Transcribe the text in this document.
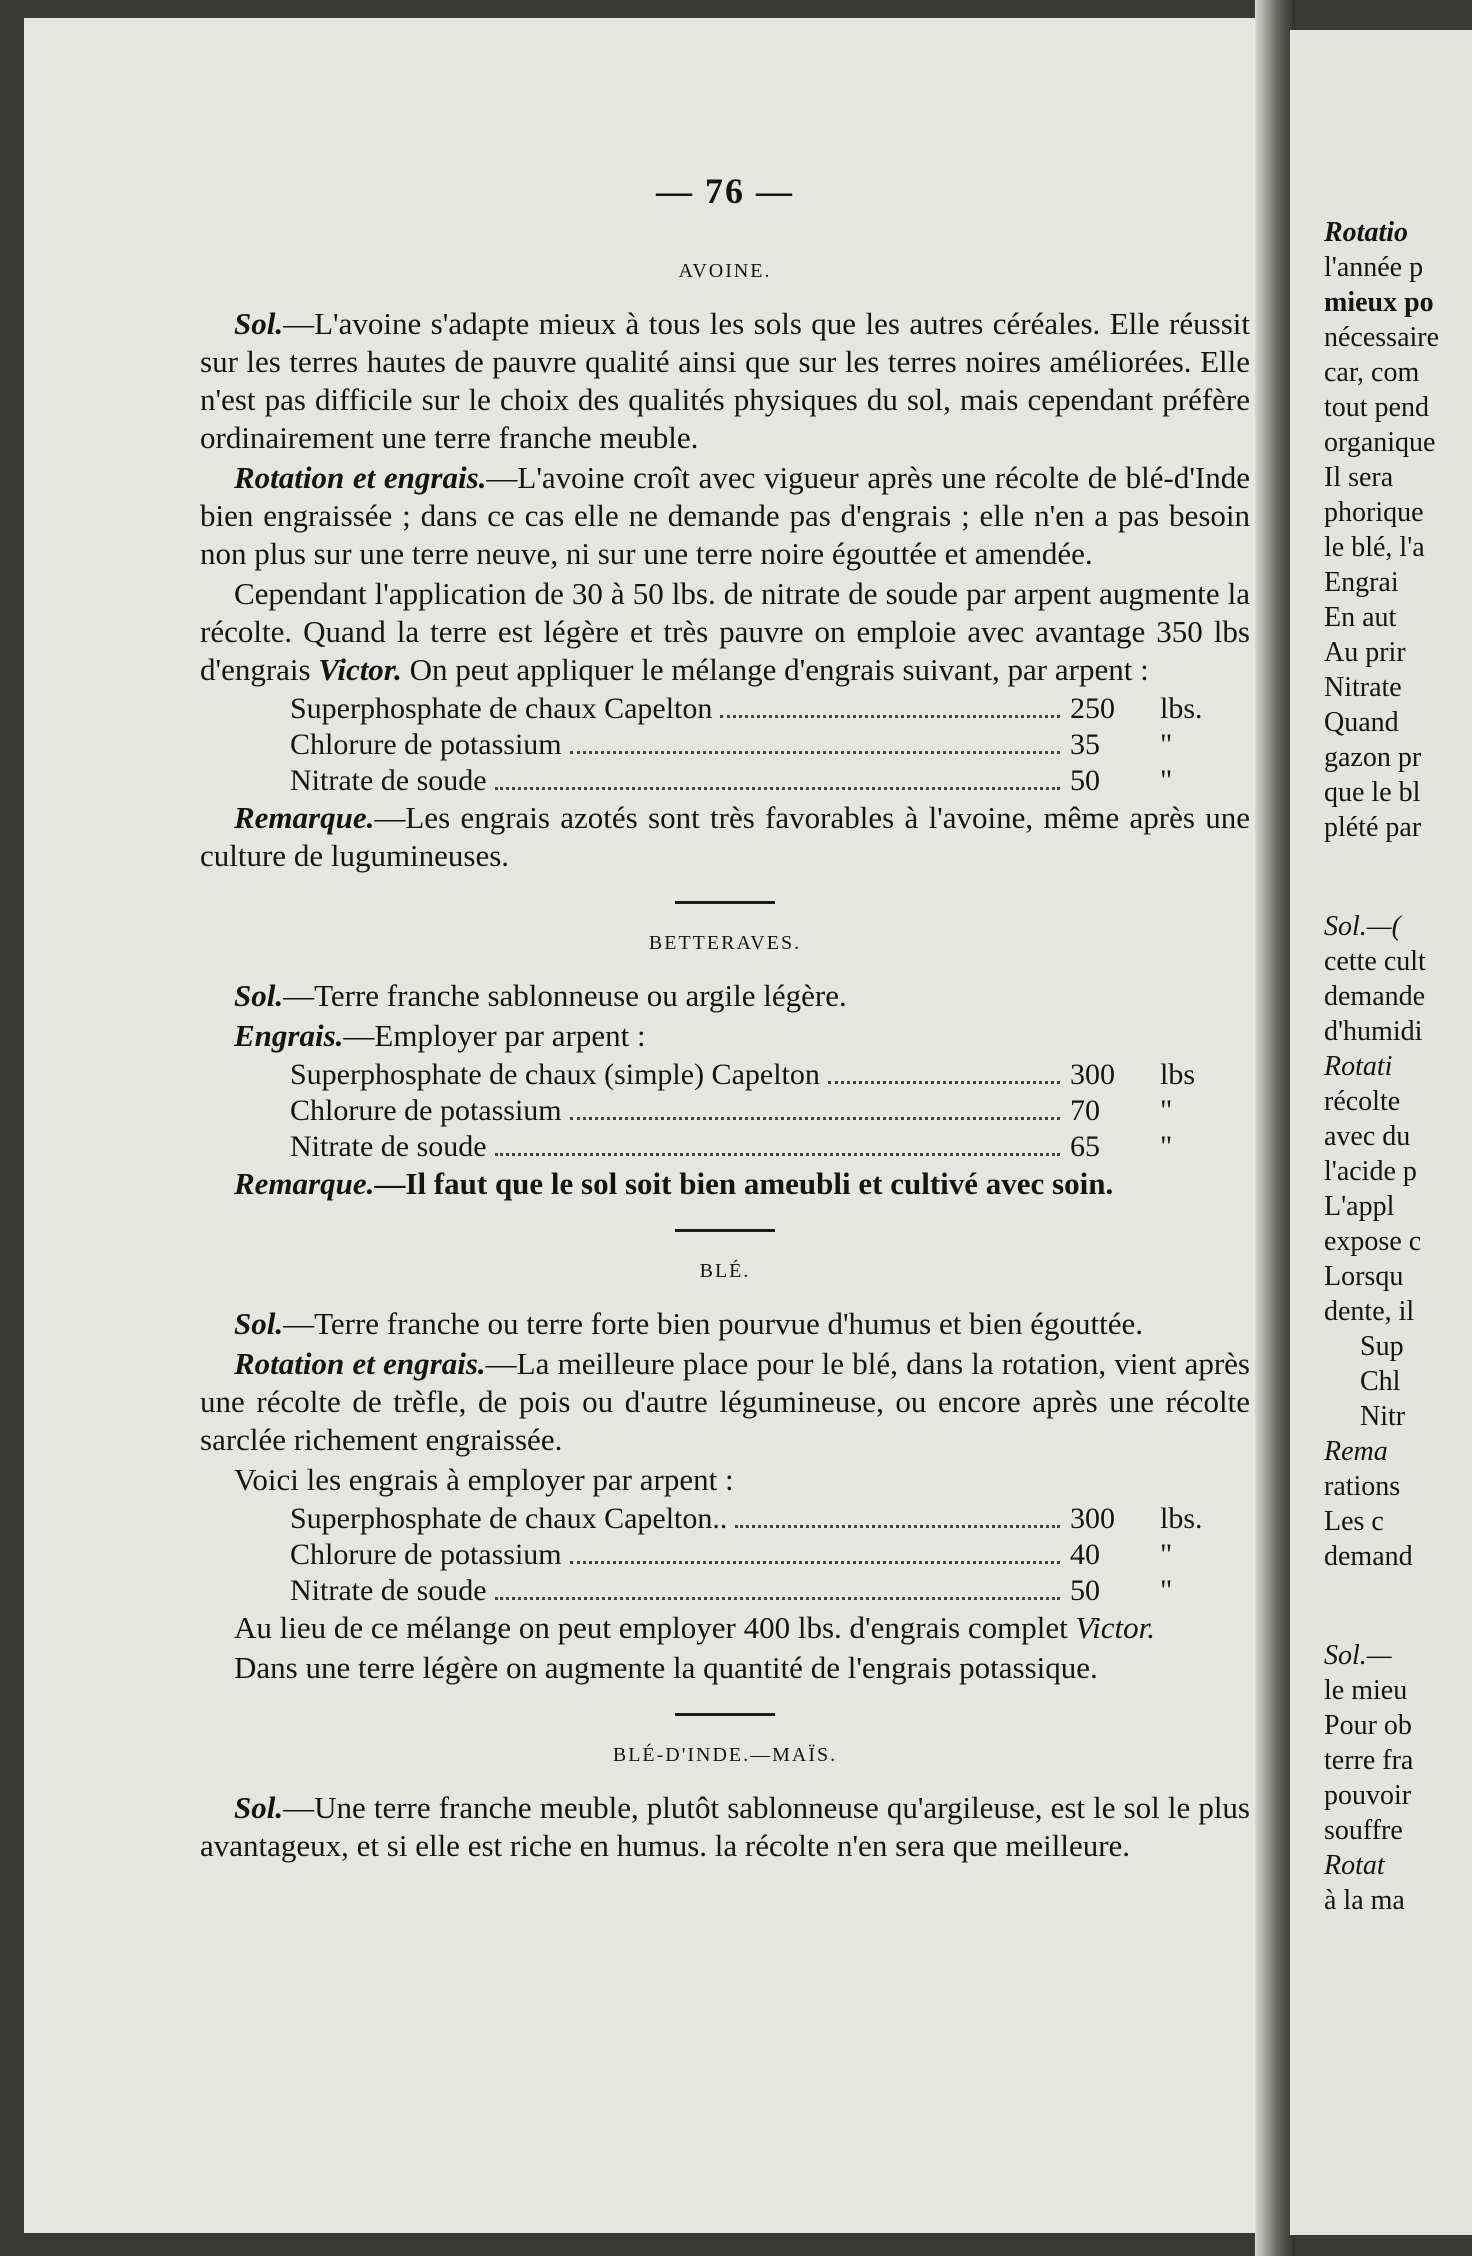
Rotatio
l'année p
mieux po
nécessaire
car, com
tout pend
organique
Il sera
phorique
le blé, l'a
Engrai
En aut
Au prir
Nitrate
Quand
gazon pr
que le bl
plété par
Sol.—(
cette cult
demande
d'humidi
Rotati
récolte
avec du
l'acide p
L'appl
expose c
Lorsqu
dente, il
Sup
Chl
Nitr
Rema
rations
Les c
demand
Sol.—
le mieu
Pour ob
terre fra
pouvoir
souffre
Rotat
à la ma
— 76 —
AVOINE.

Sol.—L'avoine s'adapte mieux à tous les sols que les autres céréales. Elle réussit sur les terres hautes de pauvre qualité ainsi que sur les terres noires améliorées. Elle n'est pas difficile sur le choix des qualités physiques du sol, mais cependant préfère ordinairement une terre franche meuble.

Rotation et engrais.—L'avoine croît avec vigueur après une récolte de blé-d'Inde bien engraissée ; dans ce cas elle ne demande pas d'engrais ; elle n'en a pas besoin non plus sur une terre neuve, ni sur une terre noire égouttée et amendée.

Cependant l'application de 30 à 50 lbs. de nitrate de soude par arpent augmente la récolte. Quand la terre est légère et très pauvre on emploie avec avantage 350 lbs d'engrais Victor. On peut appliquer le mélange d'engrais suivant, par arpent :

Superphosphate de chaux Capelton	250	lbs.
Chlorure de potassium	35	"
Nitrate de soude	50	"

Remarque.—Les engrais azotés sont très favorables à l'avoine, même après une culture de lugumineuses.

BETTERAVES.

Sol.—Terre franche sablonneuse ou argile légère.

Engrais.—Employer par arpent :

Superphosphate de chaux (simple) Capelton	300	lbs
Chlorure de potassium	70	"
Nitrate de soude	65	"

Remarque.—Il faut que le sol soit bien ameubli et cultivé avec soin.

BLÉ.

Sol.—Terre franche ou terre forte bien pourvue d'humus et bien égouttée.

Rotation et engrais.—La meilleure place pour le blé, dans la rotation, vient après une récolte de trèfle, de pois ou d'autre légumineuse, ou encore après une récolte sarclée richement engraissée.

Voici les engrais à employer par arpent :

Superphosphate de chaux Capelton..	300	lbs.
Chlorure de potassium	40	"
Nitrate de soude	50	"

Au lieu de ce mélange on peut employer 400 lbs. d'engrais complet Victor.

Dans une terre légère on augmente la quantité de l'engrais potassique.

BLÉ-D'INDE.—MAÏS.

Sol.—Une terre franche meuble, plutôt sablonneuse qu'argileuse, est le sol le plus avantageux, et si elle est riche en humus. la récolte n'en sera que meilleure.
